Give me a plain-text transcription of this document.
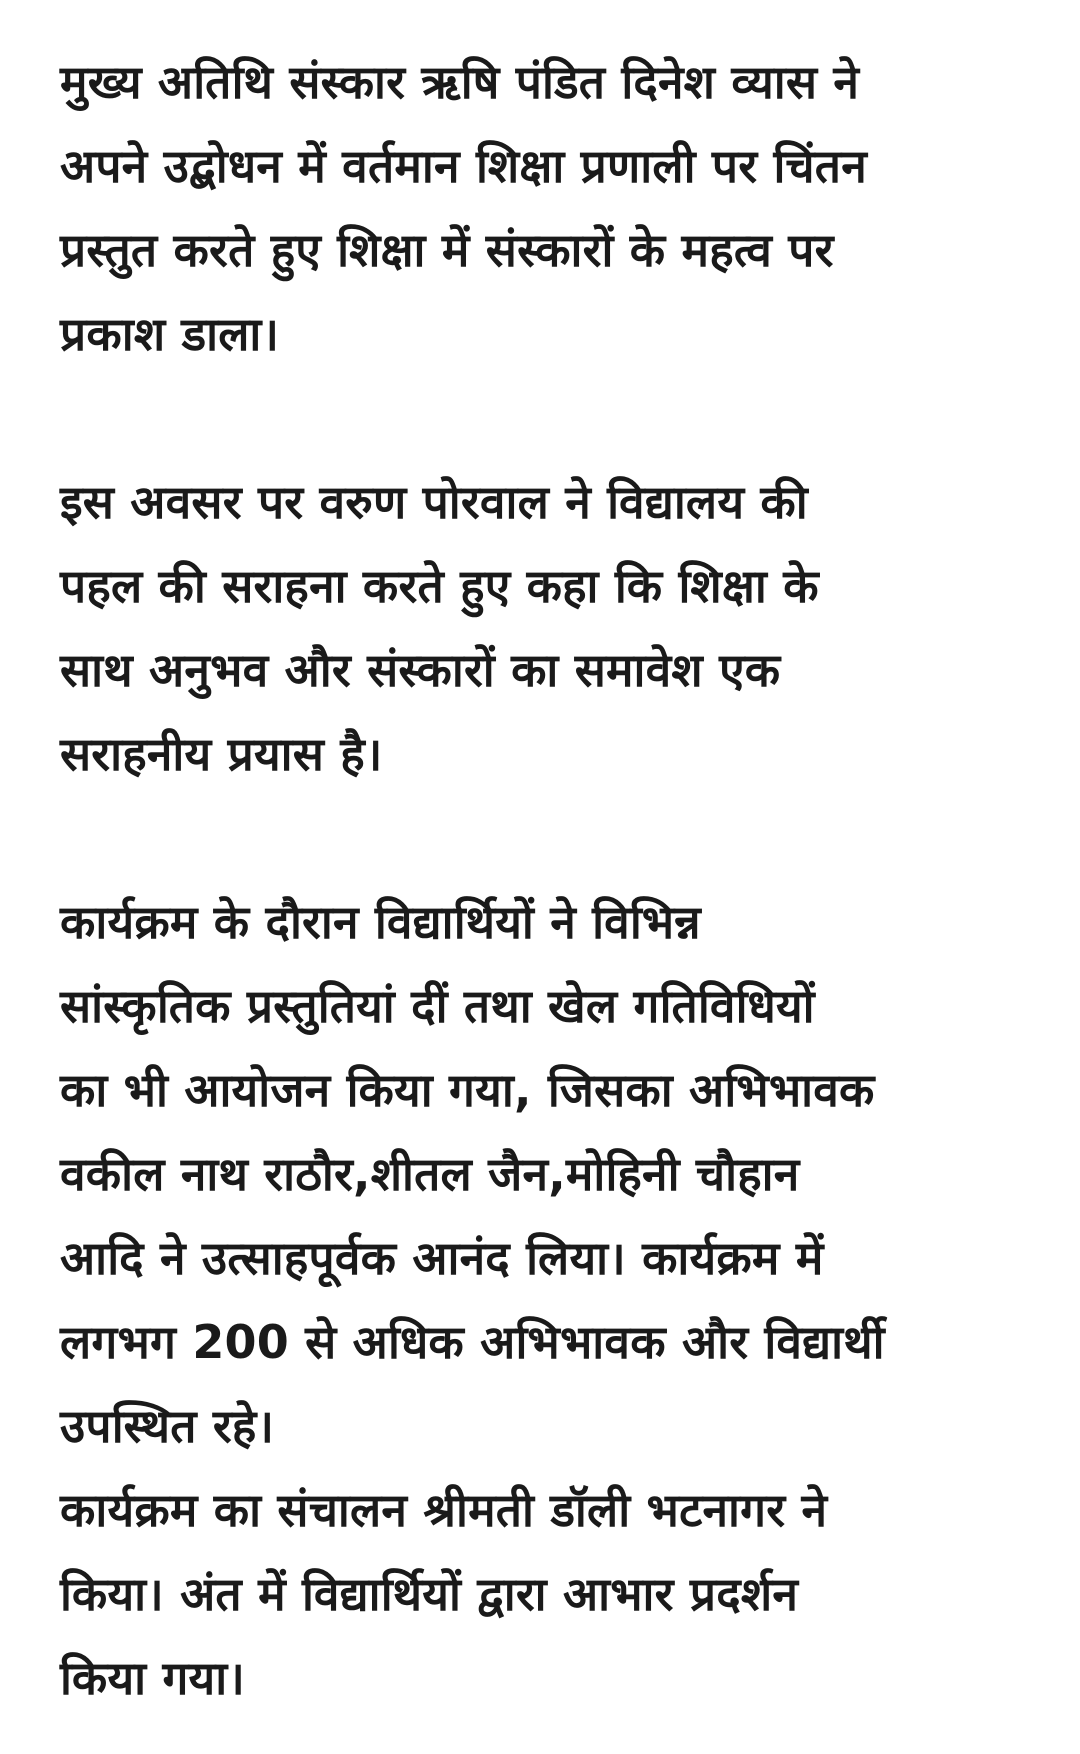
मुख्य अतिथि संस्कार ऋषि पंडित दिनेश व्यास ने
अपने उद्बोधन में वर्तमान शिक्षा प्रणाली पर चिंतन
प्रस्तुत करते हुए शिक्षा में संस्कारों के महत्व पर
प्रकाश डाला।

इस अवसर पर वरुण पोरवाल ने विद्यालय की
पहल की सराहना करते हुए कहा कि शिक्षा के
साथ अनुभव और संस्कारों का समावेश एक
सराहनीय प्रयास है।

कार्यक्रम के दौरान विद्यार्थियों ने विभिन्न
सांस्कृतिक प्रस्तुतियां दीं तथा खेल गतिविधियों
का भी आयोजन किया गया, जिसका अभिभावक
वकील नाथ राठौर,शीतल जैन,मोहिनी चौहान
आदि ने उत्साहपूर्वक आनंद लिया। कार्यक्रम में
लगभग 200 से अधिक अभिभावक और विद्यार्थी
उपस्थित रहे।

कार्यक्रम का संचालन श्रीमती डॉली भटनागर ने
किया। अंत में विद्यार्थियों द्वारा आभार प्रदर्शन
किया गया।
